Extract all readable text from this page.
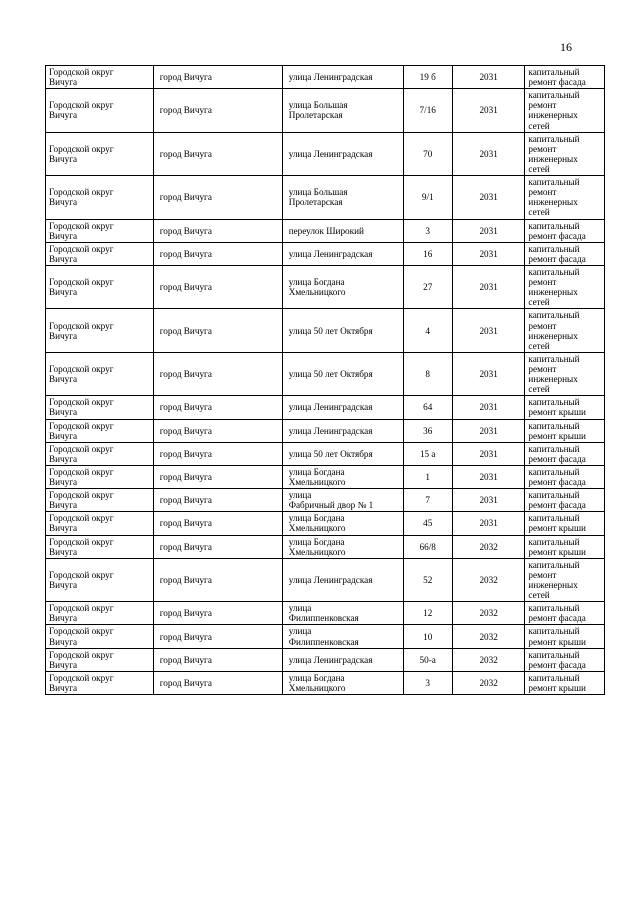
16
Городской округ
Вичуга	город Вичуга	улица Ленинградская	19 б	2031	капитальный
ремонт фасада

Городской округ
Вичуга	город Вичуга	улица Большая
Пролетарская	7/16	2031	капитальный
ремонт
инженерных
сетей

Городской округ
Вичуга	город Вичуга	улица Ленинградская	70	2031	капитальный
ремонт
инженерных
сетей

Городской округ
Вичуга	город Вичуга	улица Большая
Пролетарская	9/1	2031	капитальный
ремонт
инженерных
сетей

Городской округ
Вичуга	город Вичуга	переулок Широкий	3	2031	капитальный
ремонт фасада

Городской округ
Вичуга	город Вичуга	улица Ленинградская	16	2031	капитальный
ремонт фасада

Городской округ
Вичуга	город Вичуга	улица Богдана
Хмельницкого	27	2031	капитальный
ремонт
инженерных
сетей

Городской округ
Вичуга	город Вичуга	улица 50 лет Октября	4	2031	капитальный
ремонт
инженерных
сетей

Городской округ
Вичуга	город Вичуга	улица 50 лет Октября	8	2031	капитальный
ремонт
инженерных
сетей

Городской округ
Вичуга	город Вичуга	улица Ленинградская	64	2031	капитальный
ремонт крыши

Городской округ
Вичуга	город Вичуга	улица Ленинградская	36	2031	капитальный
ремонт крыши

Городской округ
Вичуга	город Вичуга	улица 50 лет Октября	15 а	2031	капитальный
ремонт фасада

Городской округ
Вичуга	город Вичуга	улица Богдана
Хмельницкого	1	2031	капитальный
ремонт фасада

Городской округ
Вичуга	город Вичуга	улица
Фабричный двор № 1	7	2031	капитальный
ремонт фасада

Городской округ
Вичуга	город Вичуга	улица Богдана
Хмельницкого	45	2031	капитальный
ремонт крыши

Городской округ
Вичуга	город Вичуга	улица Богдана
Хмельницкого	66/8	2032	капитальный
ремонт крыши

Городской округ
Вичуга	город Вичуга	улица Ленинградская	52	2032	капитальный
ремонт
инженерных
сетей

Городской округ
Вичуга	город Вичуга	улица
Филиппенковская	12	2032	капитальный
ремонт фасада

Городской округ
Вичуга	город Вичуга	улица
Филиппенковская	10	2032	капитальный
ремонт крыши

Городской округ
Вичуга	город Вичуга	улица Ленинградская	50-а	2032	капитальный
ремонт фасада

Городской округ
Вичуга	город Вичуга	улица Богдана
Хмельницкого	3	2032	капитальный
ремонт крыши
